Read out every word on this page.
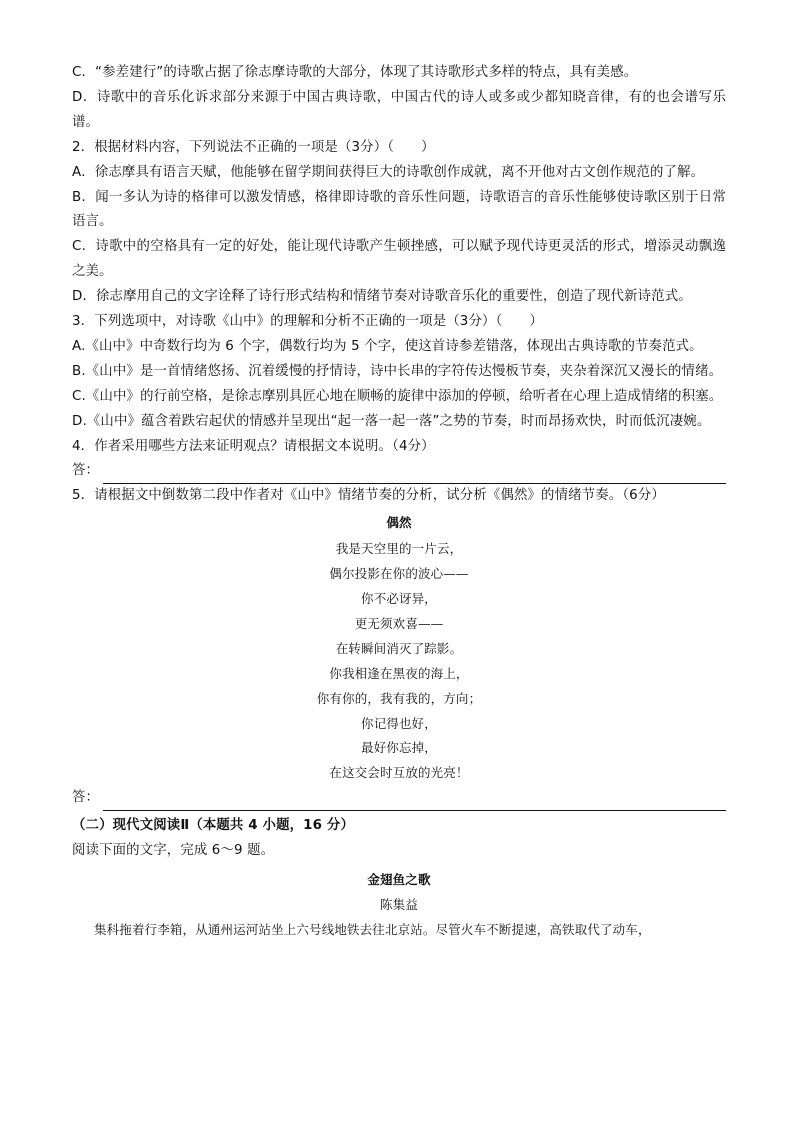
C．“参差建行”的诗歌占据了徐志摩诗歌的大部分，体现了其诗歌形式多样的特点，具有美感。

D．诗歌中的音乐化诉求部分来源于中国古典诗歌，中国古代的诗人或多或少都知晓音律，有的也会谱写乐谱。

2．根据材料内容，下列说法不正确的一项是（3分）（　　）

A．徐志摩具有语言天赋，他能够在留学期间获得巨大的诗歌创作成就，离不开他对古文创作规范的了解。

B．闻一多认为诗的格律可以激发情感，格律即诗歌的音乐性问题，诗歌语言的音乐性能够使诗歌区别于日常语言。

C．诗歌中的空格具有一定的好处，能让现代诗歌产生顿挫感，可以赋予现代诗更灵活的形式，增添灵动飘逸之美。

D．徐志摩用自己的文字诠释了诗行形式结构和情绪节奏对诗歌音乐化的重要性，创造了现代新诗范式。

3．下列选项中，对诗歌《山中》的理解和分析不正确的一项是（3分）（　　）

A.《山中》中奇数行均为 6 个字，偶数行均为 5 个字，使这首诗参差错落，体现出古典诗歌的节奏范式。

B.《山中》是一首情绪悠扬、沉着缓慢的抒情诗，诗中长串的字符传达慢板节奏，夹杂着深沉又漫长的情绪。

C.《山中》的行前空格，是徐志摩别具匠心地在顺畅的旋律中添加的停顿，给听者在心理上造成情绪的积塞。

D.《山中》蕴含着跌宕起伏的情感并呈现出“起一落一起一落”之势的节奏，时而昂扬欢快，时而低沉凄婉。

4．作者采用哪些方法来证明观点？请根据文本说明。（4分）

答：

5．请根据文中倒数第二段中作者对《山中》情绪节奏的分析，试分析《偶然》的情绪节奏。（6分）

偶然
我是天空里的一片云，
偶尔投影在你的波心——
你不必讶异，
更无须欢喜——
在转瞬间消灭了踪影。
你我相逢在黑夜的海上，
你有你的，我有我的，方向；
你记得也好，
最好你忘掉，
在这交会时互放的光亮！
答：

（二）现代文阅读Ⅱ（本题共 4 小题，16 分）

阅读下面的文字，完成 6～9 题。

金翅鱼之歌
陈集益

集科拖着行李箱，从通州运河站坐上六号线地铁去往北京站。尽管火车不断提速，高铁取代了动车，
